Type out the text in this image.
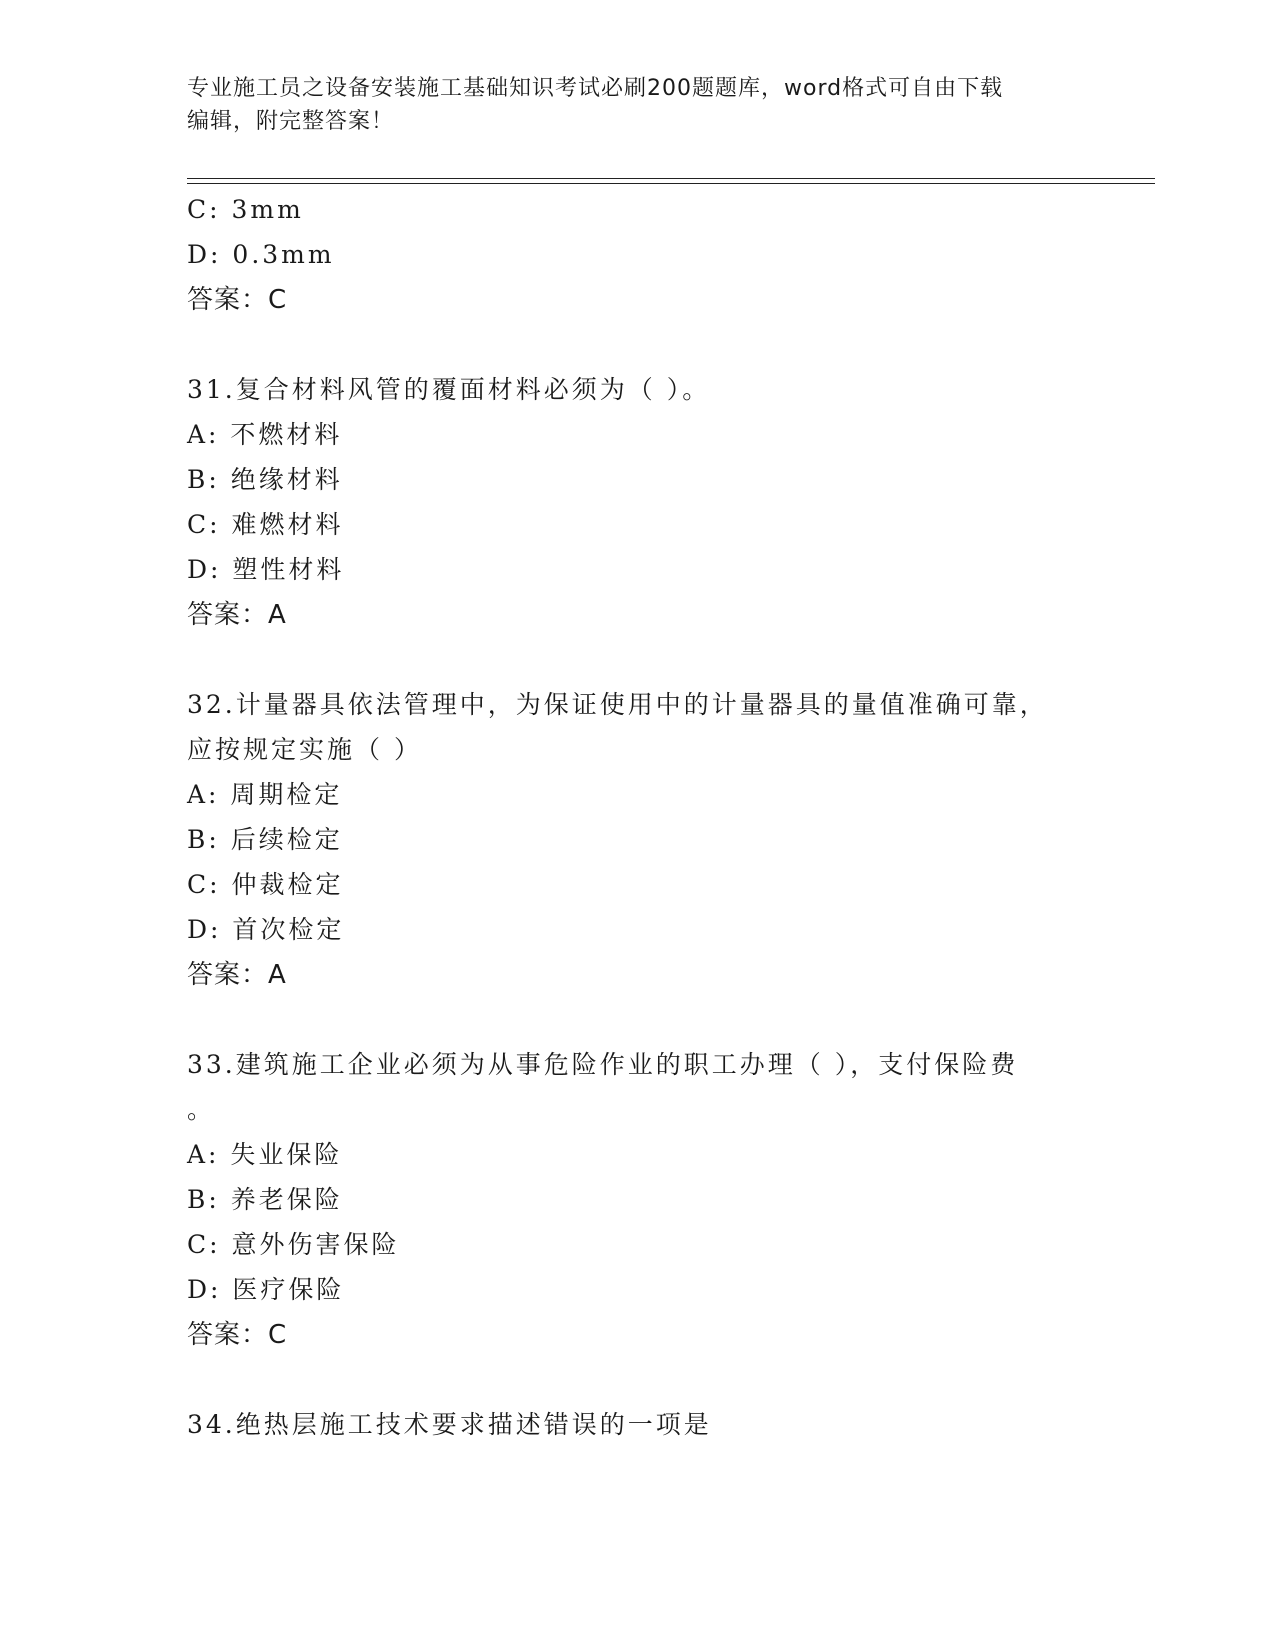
专业施工员之设备安装施工基础知识考试必刷200题题库，word格式可自由下载
编辑，附完整答案！
C: 3mm
D: 0.3mm
答案：C
31.复合材料风管的覆面材料必须为（ ）。
A: 不燃材料
B: 绝缘材料
C: 难燃材料
D: 塑性材料
答案：A
32.计量器具依法管理中，为保证使用中的计量器具的量值准确可靠，
应按规定实施（ ）
A: 周期检定
B: 后续检定
C: 仲裁检定
D: 首次检定
答案：A
33.建筑施工企业必须为从事危险作业的职工办理（ ），支付保险费
。
A: 失业保险
B: 养老保险
C: 意外伤害保险
D: 医疗保险
答案：C
34.绝热层施工技术要求描述错误的一项是
